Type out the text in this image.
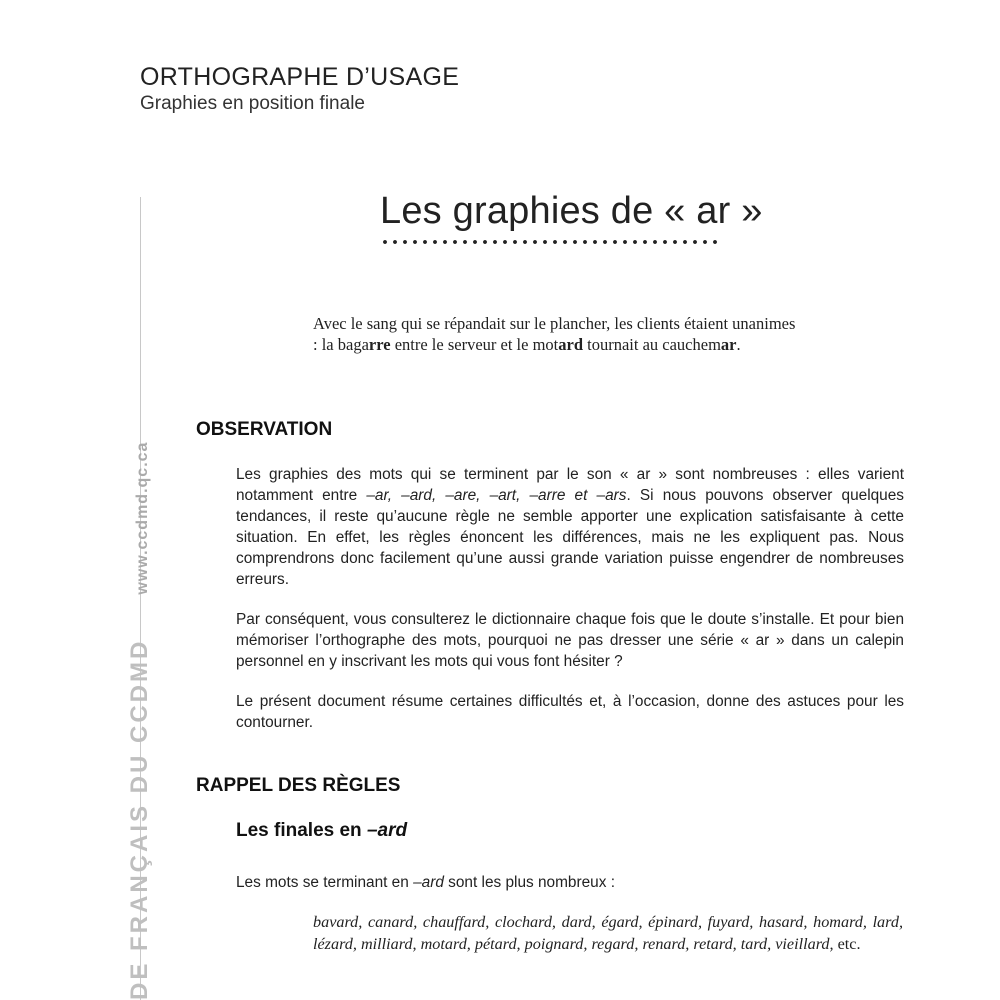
ORTHOGRAPHE D’USAGE
Graphies en position finale
DE FRANÇAIS DU CCDMDwww.ccdmd.qc.ca
Les graphies de « ar »
Avec le sang qui se répandait sur le plancher, les clients étaient unanimes : la bagarre entre le serveur et le motard tournait au cauchemar.
OBSERVATION
Les graphies des mots qui se terminent par le son « ar » sont nombreuses : elles varient notamment entre –ar, –ard, –are, –art, –arre et –ars. Si nous pouvons observer quelques tendances, il reste qu’aucune règle ne semble apporter une explication satisfaisante à cette situation. En effet, les règles énoncent les différences, mais ne les expliquent pas. Nous comprendrons donc facilement qu’une aussi grande variation puisse engendrer de nombreuses erreurs.
Par conséquent, vous consulterez le dictionnaire chaque fois que le doute s’installe. Et pour bien mémoriser l’orthographe des mots, pourquoi ne pas dresser une série « ar » dans un calepin personnel en y inscrivant les mots qui vous font hésiter ?
Le présent document résume certaines difficultés et, à l’occasion, donne des astuces pour les contourner.
RAPPEL DES RÈGLES
Les finales en –ard
Les mots se terminant en –ard sont les plus nombreux :
bavard, canard, chauffard, clochard, dard, égard, épinard, fuyard, hasard, homard, lard, lézard, milliard, motard, pétard, poignard, regard, renard, retard, tard, vieillard, etc.
